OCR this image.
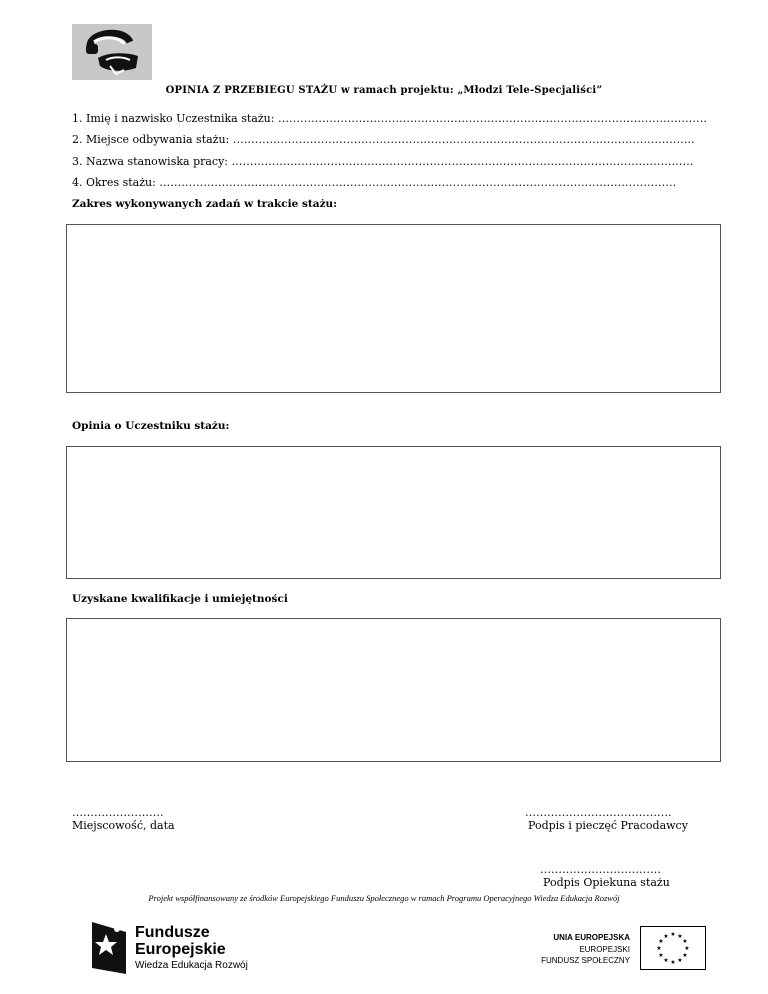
OPINIA Z PRZEBIEGU STAŻU w ramach projektu: „Młodzi Tele-Specjaliści”
1. Imię i nazwisko Uczestnika stażu: ………………………………………………………………………………………………………
2. Miejsce odbywania stażu: ………………………………………………………………………………………………………………
3. Nazwa stanowiska pracy: ………………………………………………………………………………………………………………
4. Okres stażu: ……………………………………………………………………………………………………………………………
Zakres wykonywanych zadań w trakcie stażu:
Opinia o Uczestniku stażu:
Uzyskane kwalifikacje i umiejętności
…………………….
Miejscowość, data
………………………………….
Podpis i pieczęć Pracodawcy
……………………………
Podpis Opiekuna stażu
Projekt współfinansowany ze środków Europejskiego Funduszu Społecznego w ramach Programu Operacyjnego Wiedza Edukacja Rozwój
Fundusze
Europejskie
Wiedza Edukacja Rozwój
UNIA EUROPEJSKA
EUROPEJSKI
FUNDUSZ SPOŁECZNY
★ ★
★
★
★
★
★
★
★
★
★
★
